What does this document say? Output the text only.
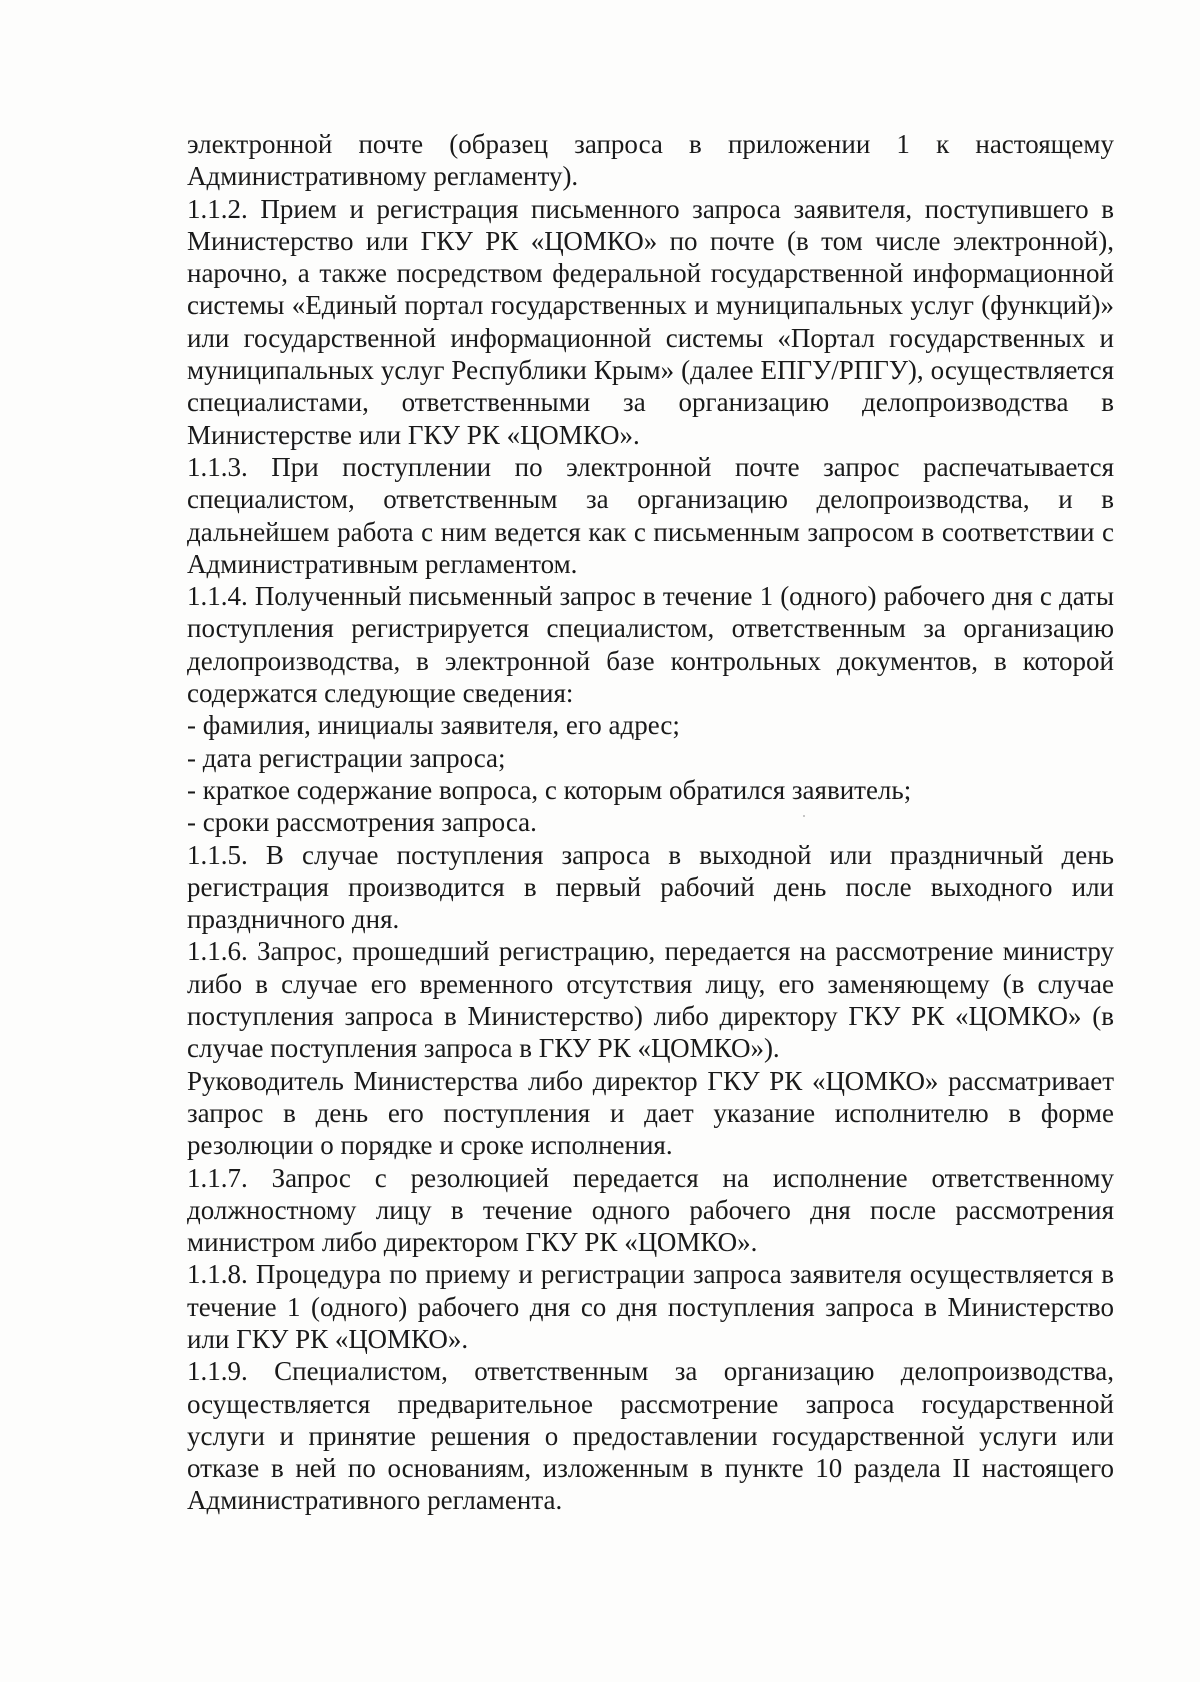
электронной почте (образец запроса в приложении 1 к настоящему Административному регламенту).

1.1.2. Прием и регистрация письменного запроса заявителя, поступившего в Министерство или ГКУ РК «ЦОМКО» по почте (в том числе электронной), нарочно, а также посредством федеральной государственной информационной системы «Единый портал государственных и муниципальных услуг (функций)» или государственной информационной системы «Портал государственных и муниципальных услуг Республики Крым» (далее ЕПГУ/РПГУ), осуществляется специалистами, ответственными за организацию делопроизводства в Министерстве или ГКУ РК «ЦОМКО».

1.1.3. При поступлении по электронной почте запрос распечатывается специалистом, ответственным за организацию делопроизводства, и в дальнейшем работа с ним ведется как с письменным запросом в соответствии с Административным регламентом.

1.1.4. Полученный письменный запрос в течение 1 (одного) рабочего дня с даты поступления регистрируется специалистом, ответственным за организацию делопроизводства, в электронной базе контрольных документов, в которой содержатся следующие сведения:

- фамилия, инициалы заявителя, его адрес;

- дата регистрации запроса;

- краткое содержание вопроса, с которым обратился заявитель;

- сроки рассмотрения запроса.

1.1.5. В случае поступления запроса в выходной или праздничный день регистрация производится в первый рабочий день после выходного или праздничного дня.

1.1.6. Запрос, прошедший регистрацию, передается на рассмотрение министру либо в случае его временного отсутствия лицу, его заменяющему (в случае поступления запроса в Министерство) либо директору ГКУ РК «ЦОМКО» (в случае поступления запроса в ГКУ РК «ЦОМКО»).

Руководитель Министерства либо директор ГКУ РК «ЦОМКО» рассматривает запрос в день его поступления и дает указание исполнителю в форме резолюции о порядке и сроке исполнения.

1.1.7. Запрос с резолюцией передается на исполнение ответственному должностному лицу в течение одного рабочего дня после рассмотрения министром либо директором ГКУ РК «ЦОМКО».

1.1.8. Процедура по приему и регистрации запроса заявителя осуществляется в течение 1 (одного) рабочего дня со дня поступления запроса в Министерство или ГКУ РК «ЦОМКО».

1.1.9. Специалистом, ответственным за организацию делопроизводства, осуществляется предварительное рассмотрение запроса государственной услуги и принятие решения о предоставлении государственной услуги или отказе в ней по основаниям, изложенным в пункте 10 раздела II настоящего Административного регламента.
